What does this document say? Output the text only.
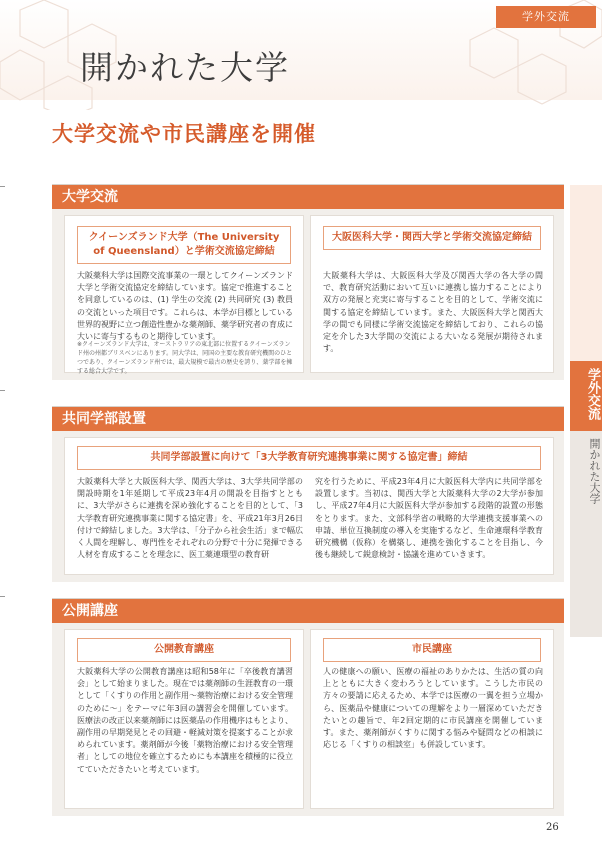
学外交流
開かれた大学
大学交流や市民講座を開催
学外交流
開かれた大学
大学交流
クイーンズランド大学（The University of Queensland）と学術交流協定締結
大阪薬科大学は国際交流事業の一環としてクイーンズランド大学と学術交流協定を締結しています。協定で推進することを同意しているのは、(1) 学生の交流 (2) 共同研究 (3) 教員の交流といった項目です。これらは、本学が目標としている世界的視野に立つ創造性豊かな薬剤師、薬学研究者の育成に大いに寄与するものと期待しています。
※クイーンズランド大学は、オーストラリアの東北部に位置するクイーンズランド州の州都ブリスベンにあります。同大学は、同国の主要な教育研究機関のひとつであり、クイーンズランド州では、最大規模で最古の歴史を誇り、薬学部を擁する総合大学です。
大阪医科大学・関西大学と学術交流協定締結
大阪薬科大学は、大阪医科大学及び関西大学の各大学の間で、教育研究活動において互いに連携し協力することにより双方の発展と充実に寄与することを目的として、学術交流に関する協定を締結しています。また、大阪医科大学と関西大学の間でも同様に学術交流協定を締結しており、これらの協定を介した3大学間の交流による大いなる発展が期待されます。
共同学部設置
共同学部設置に向けて「3大学教育研究連携事業に関する協定書」締結
大阪薬科大学と大阪医科大学、関西大学は、3大学共同学部の開設時期を1年延期して平成23年4月の開設を目指すとともに、3大学がさらに連携を深め強化することを目的として、「3大学教育研究連携事業に関する協定書」を、平成21年3月26日付けで締結しました。3大学は、「分子から社会生活」まで幅広く人間を理解し、専門性をそれぞれの分野で十分に発揮できる人材を育成することを理念に、医工薬連環型の教育研
究を行うために、平成23年4月に大阪医科大学内に共同学部を設置します。当初は、関西大学と大阪薬科大学の2大学が参加し、平成27年4月に大阪医科大学が参加する段階的設置の形態をとります。また、文部科学省の戦略的大学連携支援事業への申請、単位互換制度の導入を実施するなど、生命連環科学教育研究機構（仮称）を構築し、連携を強化することを目指し、今後も継続して鋭意検討・協議を進めていきます。
公開講座
公開教育講座
大阪薬科大学の公開教育講座は昭和58年に「卒後教育講習会」として始まりました。現在では薬剤師の生涯教育の一環として「くすりの作用と副作用～薬物治療における安全管理のために～」をテーマに年3回の講習会を開催しています。医療法の改正以来薬剤師には医薬品の作用機序はもとより、副作用の早期発見とその回避・軽減対策を提案することが求められています。薬剤師が今後「薬物治療における安全管理者」としての地位を確立するためにも本講座を積極的に役立てていただきたいと考えています。
市民講座
人の健康への願い、医療の福祉のありかたは、生活の質の向上とともに大きく変わろうとしています。こうした市民の方々の要請に応えるため、本学では医療の一翼を担う立場から、医薬品や健康についての理解をより一層深めていただきたいとの趣旨で、年2回定期的に市民講座を開催しています。また、薬剤師がくすりに関する悩みや疑問などの相談に応じる「くすりの相談室」も併設しています。
26
